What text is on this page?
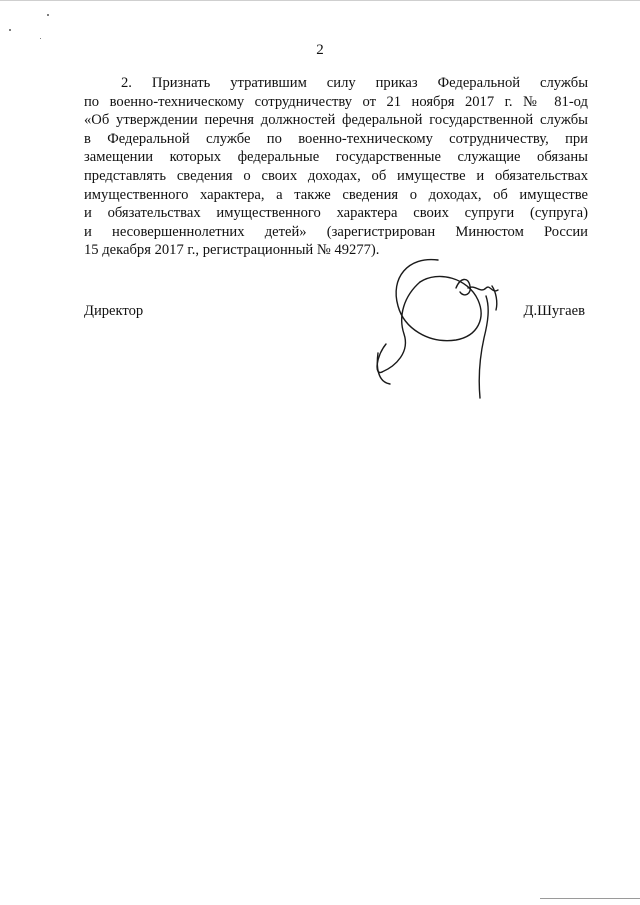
2
2. Признать утратившим силу приказ Федеральной службы
по военно-техническому сотрудничеству от 21 ноября 2017 г. № 81-од
«Об утверждении перечня должностей федеральной государственной службы
в Федеральной службе по военно-техническому сотрудничеству, при
замещении которых федеральные государственные служащие обязаны
представлять сведения о своих доходах, об имуществе и обязательствах
имущественного характера, а также сведения о доходах, об имуществе
и обязательствах имущественного характера своих супруги (супруга)
и несовершеннолетних детей» (зарегистрирован Минюстом России
15 декабря 2017 г., регистрационный № 49277).
Директор	Д.Шугаев
